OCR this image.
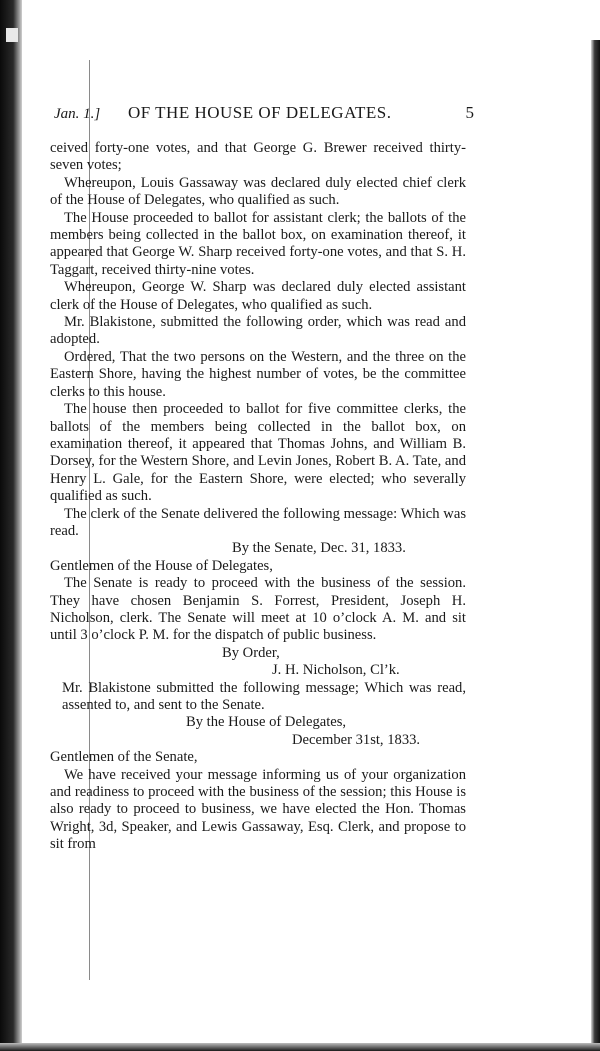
Jan. 1.] OF THE HOUSE OF DELEGATES.	5

ceived forty-one votes, and that George G. Brewer received thirty-seven votes;

Whereupon, Louis Gassaway was declared duly elected chief clerk of the House of Delegates, who qualified as such.

The House proceeded to ballot for assistant clerk; the ballots of the members being collected in the ballot box, on examination thereof, it appeared that George W. Sharp received forty-one votes, and that S. H. Taggart, received thirty-nine votes.

Whereupon, George W. Sharp was declared duly elected assistant clerk of the House of Delegates, who qualified as such.

Mr. Blakistone, submitted the following order, which was read and adopted.

Ordered, That the two persons on the Western, and the three on the Eastern Shore, having the highest number of votes, be the committee clerks to this house.

The house then proceeded to ballot for five committee clerks, the ballots of the members being collected in the ballot box, on examination thereof, it appeared that Thomas Johns, and William B. Dorsey, for the Western Shore, and Levin Jones, Robert B. A. Tate, and Henry L. Gale, for the Eastern Shore, were elected; who severally qualified as such.

The clerk of the Senate delivered the following message: Which was read.

By the Senate, Dec. 31, 1833.

Gentlemen of the House of Delegates,

The Senate is ready to proceed with the business of the session. They have chosen Benjamin S. Forrest, President, Joseph H. Nicholson, clerk. The Senate will meet at 10 o’clock A. M. and sit until 3 o’clock P. M. for the dispatch of public business.

By Order,

J. H. Nicholson, Cl’k.

Mr. Blakistone submitted the following message; Which was read, assented to, and sent to the Senate.

By the House of Delegates,

December 31st, 1833.

Gentlemen of the Senate,

We have received your message informing us of your organization and readiness to proceed with the business of the session; this House is also ready to proceed to business, we have elected the Hon. Thomas Wright, 3d, Speaker, and Lewis Gassaway, Esq. Clerk, and propose to sit from
